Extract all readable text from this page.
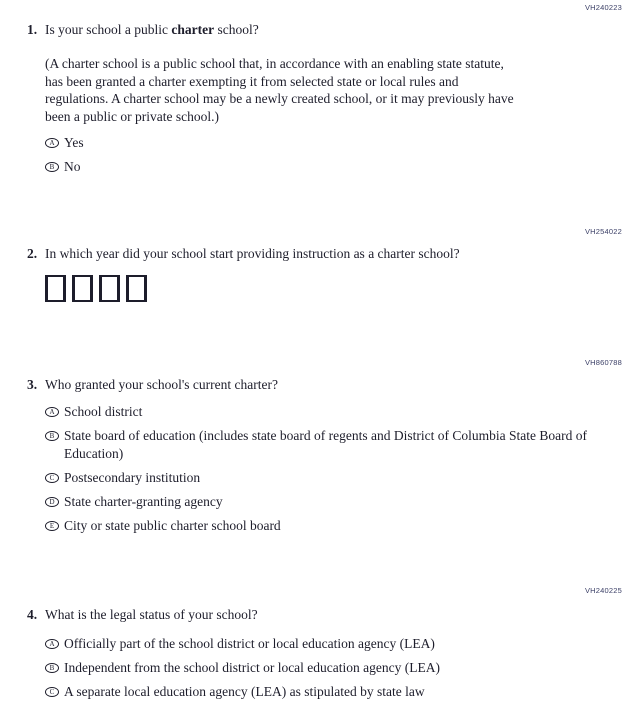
VH240223
1. Is your school a public charter school?
(A charter school is a public school that, in accordance with an enabling state statute, has been granted a charter exempting it from selected state or local rules and regulations. A charter school may be a newly created school, or it may previously have been a public or private school.)
A Yes
B No
VH254022
2. In which year did your school start providing instruction as a charter school?
VH860788
3. Who granted your school's current charter?
A School district
B State board of education (includes state board of regents and District of Columbia State Board of Education)
C Postsecondary institution
D State charter-granting agency
E City or state public charter school board
VH240225
4. What is the legal status of your school?
A Officially part of the school district or local education agency (LEA)
B Independent from the school district or local education agency (LEA)
C A separate local education agency (LEA) as stipulated by state law
